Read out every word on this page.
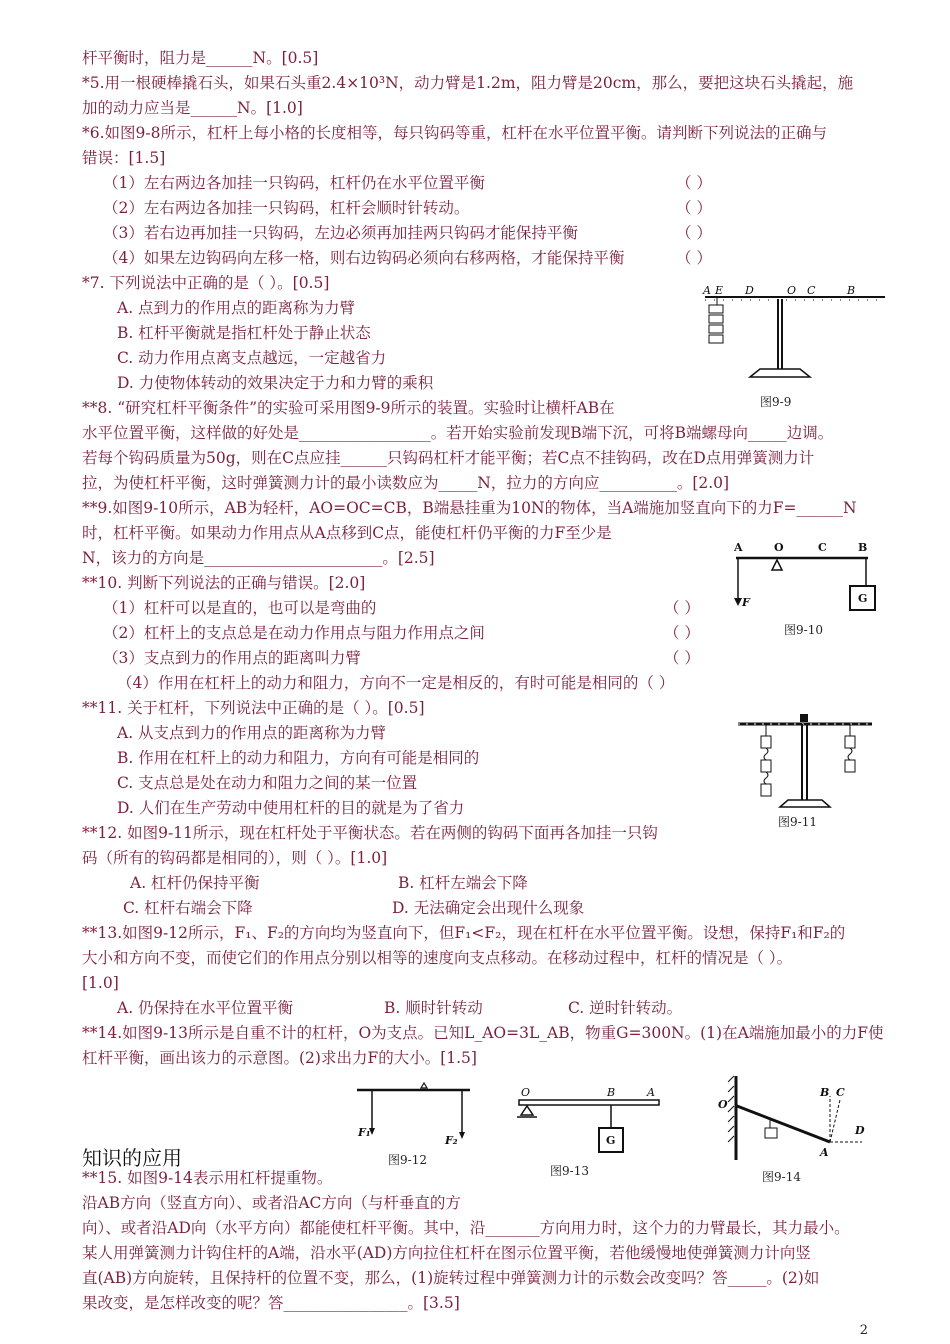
杆平衡时，阻力是______N。[0.5]
*5.用一根硬棒撬石头，如果石头重2.4×10³N，动力臂是1.2m，阻力臂是20cm，那么，要把这块石头撬起，施
加的动力应当是______N。[1.0]
*6.如图9-8所示，杠杆上每小格的长度相等，每只钩码等重，杠杆在水平位置平衡。请判断下列说法的正确与
错误：[1.5]
（1）左右两边各加挂一只钩码，杠杆仍在水平位置平衡	（ ）
（2）左右两边各加挂一只钩码，杠杆会顺时针转动。	（ ）
（3）若右边再加挂一只钩码，左边必须再加挂两只钩码才能保持平衡	（ ）
（4）如果左边钩码向左移一格，则右边钩码必须向右移两格，才能保持平衡	（ ）
*7. 下列说法中正确的是（ ）。[0.5]
A. 点到力的作用点的距离称为力臂
B. 杠杆平衡就是指杠杆处于静止状态
C. 动力作用点离支点越远，一定越省力
D. 力使物体转动的效果决定于力和力臂的乘积
**8. “研究杠杆平衡条件”的实验可采用图9-9所示的装置。实验时让横杆AB在
水平位置平衡，这样做的好处是_________________。若开始实验前发现B端下沉，可将B端螺母向_____边调。
若每个钩码质量为50g，则在C点应挂______只钩码杠杆才能平衡；若C点不挂钩码，改在D点用弹簧测力计
拉，为使杠杆平衡，这时弹簧测力计的最小读数应为_____N，拉力的方向应__________。[2.0]
**9.如图9-10所示，AB为轻杆，AO=OC=CB，B端悬挂重为10N的物体，当A端施加竖直向下的力F=______N
时，杠杆平衡。如果动力作用点从A点移到C点，能使杠杆仍平衡的力F至少是
N，该力的方向是_______________________。[2.5]
**10. 判断下列说法的正确与错误。[2.0]
（1）杠杆可以是直的，也可以是弯曲的	（ ）
（2）杠杆上的支点总是在动力作用点与阻力作用点之间	（ ）
（3）支点到力的作用点的距离叫力臂	（ ）
（4）作用在杠杆上的动力和阻力，方向不一定是相反的，有时可能是相同的（ ）
**11. 关于杠杆，下列说法中正确的是（ ）。[0.5]
A. 从支点到力的作用点的距离称为力臂
B. 作用在杠杆上的动力和阻力，方向有可能是相同的
C. 支点总是处在动力和阻力之间的某一位置
D. 人们在生产劳动中使用杠杆的目的就是为了省力
**12. 如图9-11所示，现在杠杆处于平衡状态。若在两侧的钩码下面再各加挂一只钩
码（所有的钩码都是相同的），则（ ）。[1.0]
A. 杠杆仍保持平衡	B. 杠杆左端会下降
C. 杠杆右端会下降	D. 无法确定会出现什么现象
**13.如图9-12所示，F₁、F₂的方向均为竖直向下，但F₁<F₂，现在杠杆在水平位置平衡。设想，保持F₁和F₂的
大小和方向不变，而使它们的作用点分别以相等的速度向支点移动。在移动过程中，杠杆的情况是（ ）。
[1.0]
A. 仍保持在水平位置平衡	B. 顺时针转动	C. 逆时针转动。
**14.如图9-13所示是自重不计的杠杆，O为支点。已知L_AO=3L_AB，物重G=300N。(1)在A端施加最小的力F使
杠杆平衡，画出该力的示意图。(2)求出力F的大小。[1.5]
知识的应用
**15. 如图9-14表示用杠杆提重物。
沿AB方向（竖直方向）、或者沿AC方向（与杆垂直的方
向）、或者沿AD向（水平方向）都能使杠杆平衡。其中，沿_______方向用力时，这个力的力臂最长，其力最小。
某人用弹簧测力计钩住杆的A端，沿水平(AD)方向拉住杠杆在图示位置平衡，若他缓慢地使弹簧测力计向竖
直(AB)方向旋转，且保持杆的位置不变，那么，(1)旋转过程中弹簧测力计的示数会改变吗？答_____。(2)如
果改变，是怎样改变的呢？答________________。[3.5]
A E D	O C	B
图9-9
A	O	C	B
F	G
图9-10
图9-11
F₁
F₂
图9-12
O	B	A
G
图9-13
O
B C
D
A
图9-14
2
